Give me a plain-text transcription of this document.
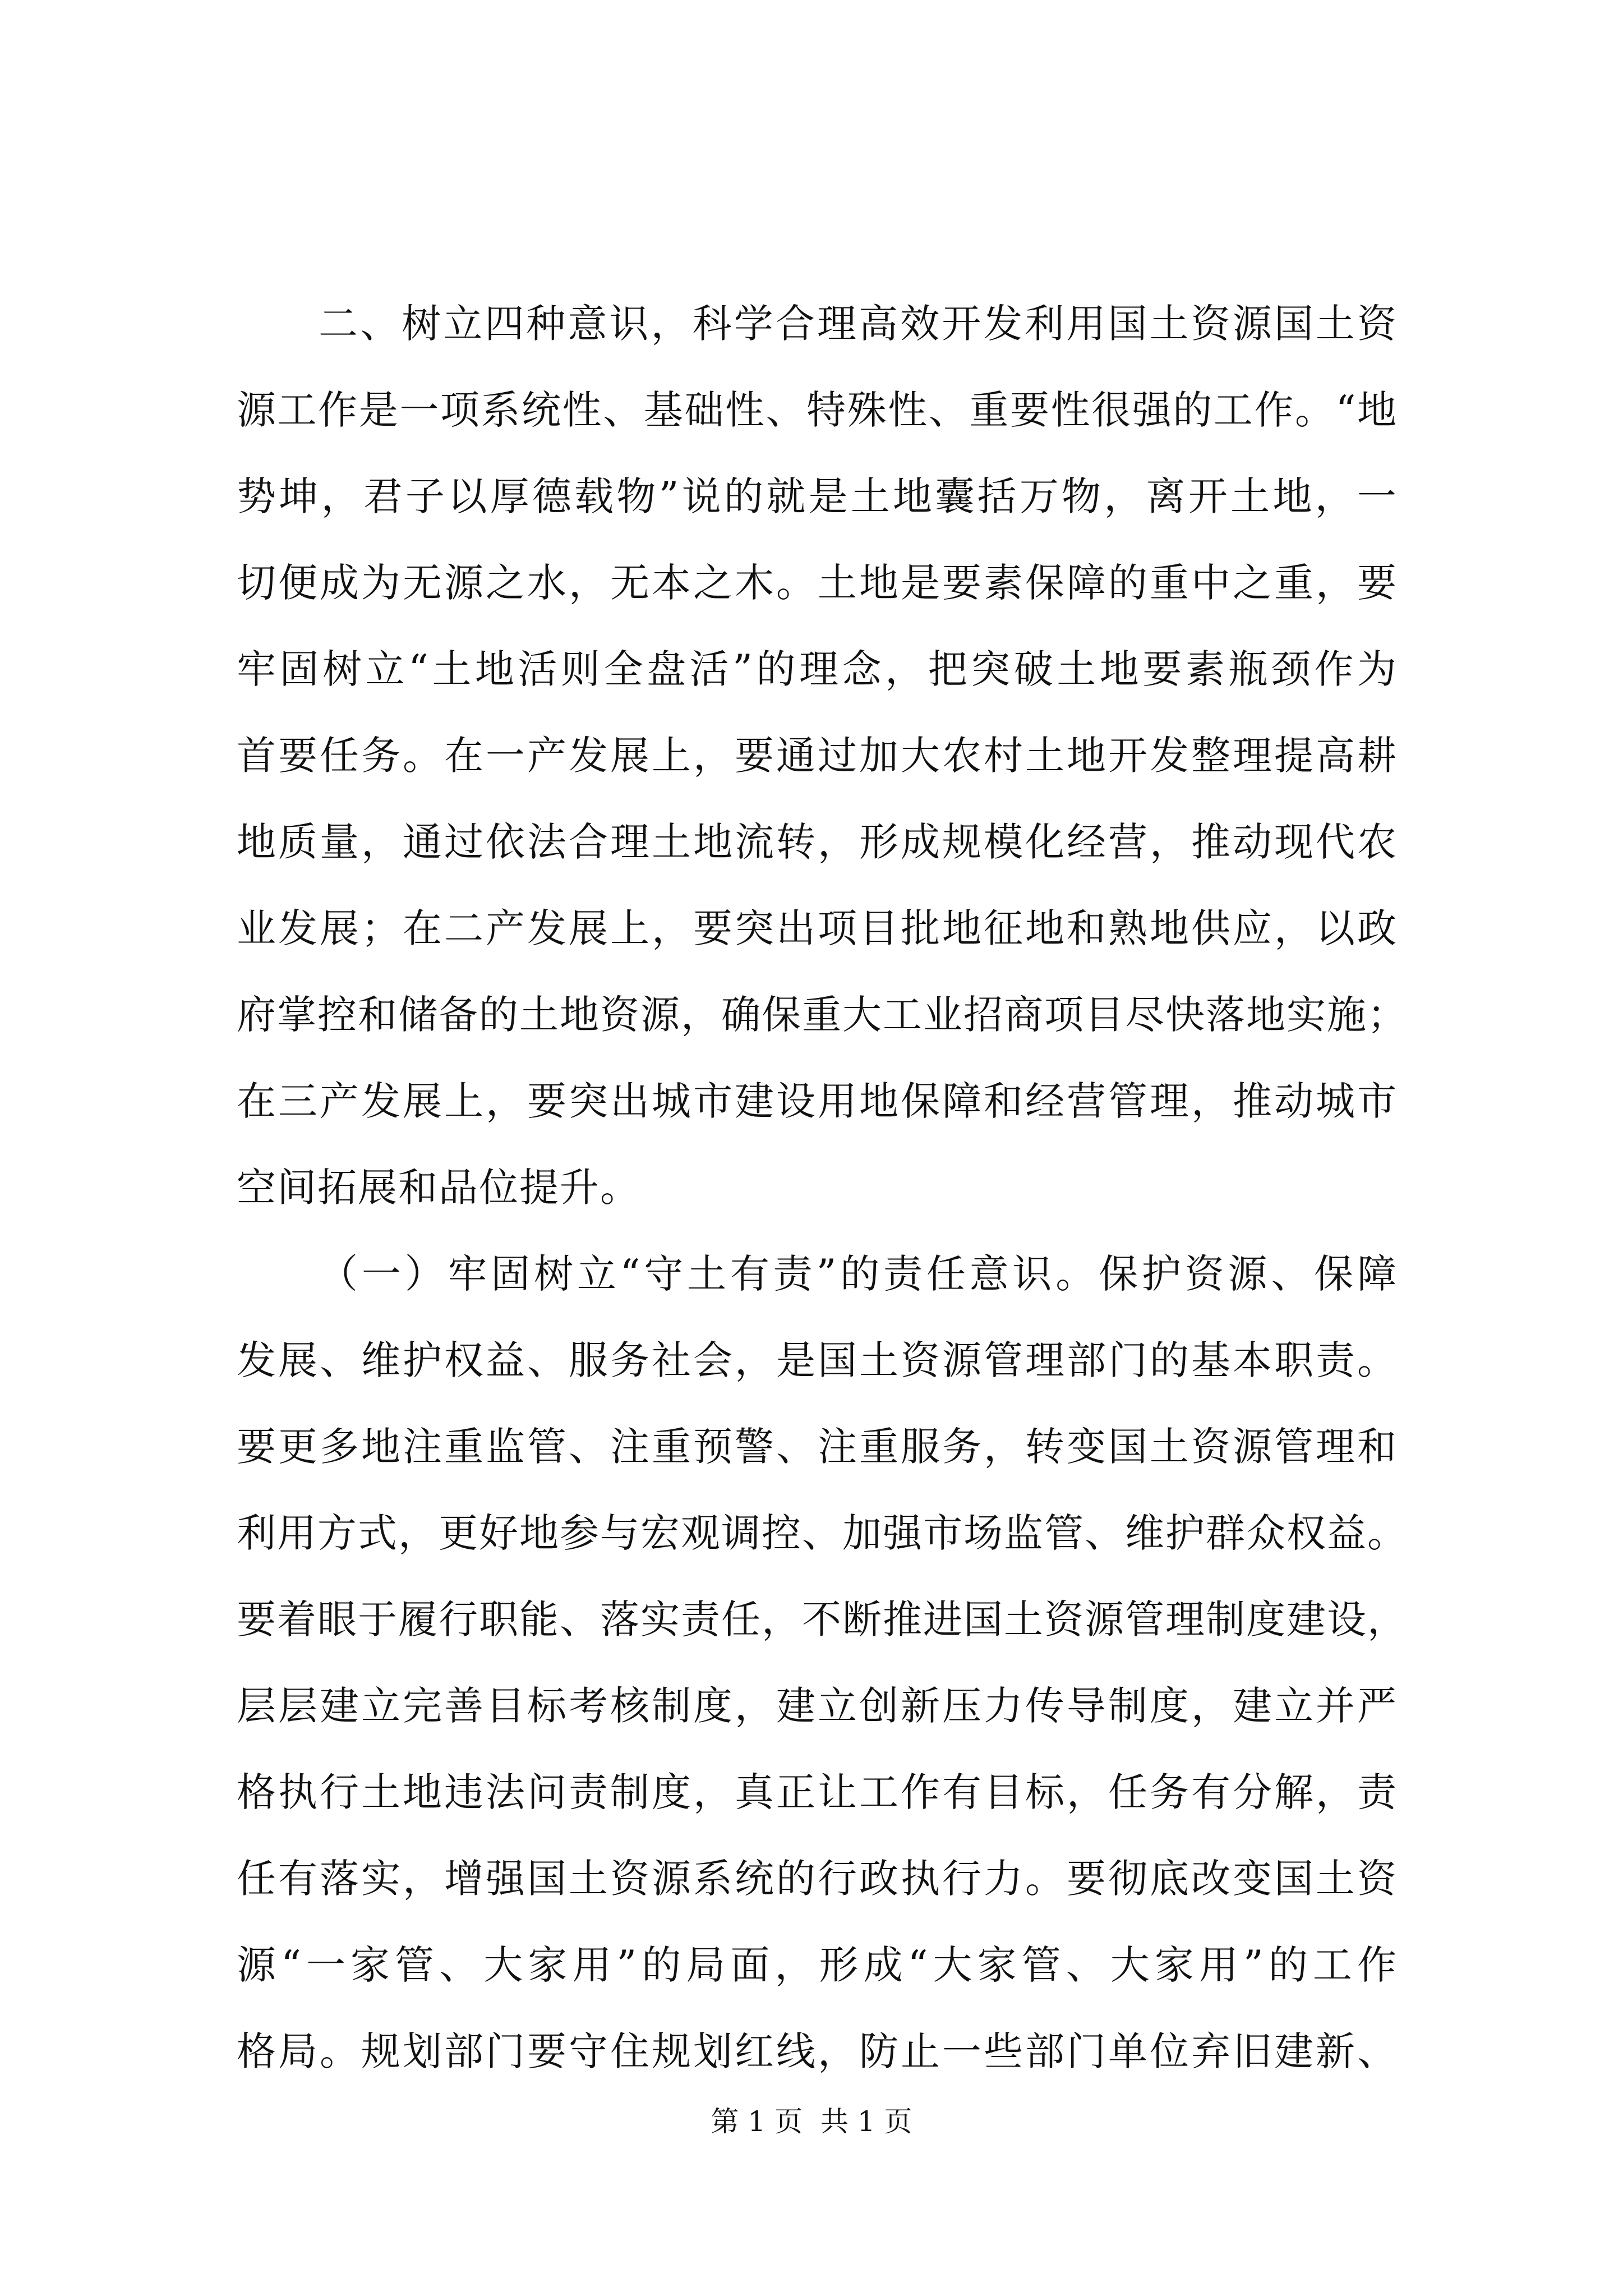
二、树立四种意识，科学合理高效开发利用国土资源国土资
源工作是一项系统性、基础性、特殊性、重要性很强的工作。“地
势坤，君子以厚德载物”说的就是土地囊括万物，离开土地，一
切便成为无源之水，无本之木。土地是要素保障的重中之重，要
牢固树立“土地活则全盘活”的理念，把突破土地要素瓶颈作为
首要任务。在一产发展上，要通过加大农村土地开发整理提高耕
地质量，通过依法合理土地流转，形成规模化经营，推动现代农
业发展；在二产发展上，要突出项目批地征地和熟地供应，以政
府掌控和储备的土地资源，确保重大工业招商项目尽快落地实施；
在三产发展上，要突出城市建设用地保障和经营管理，推动城市
空间拓展和品位提升。
（一）牢固树立“守土有责”的责任意识。保护资源、保障
发展、维护权益、服务社会，是国土资源管理部门的基本职责。
要更多地注重监管、注重预警、注重服务，转变国土资源管理和
利用方式，更好地参与宏观调控、加强市场监管、维护群众权益。
要着眼于履行职能、落实责任，不断推进国土资源管理制度建设，
层层建立完善目标考核制度，建立创新压力传导制度，建立并严
格执行土地违法问责制度，真正让工作有目标，任务有分解，责
任有落实，增强国土资源系统的行政执行力。要彻底改变国土资
源“一家管、大家用”的局面，形成“大家管、大家用”的工作
格局。规划部门要守住规划红线，防止一些部门单位弃旧建新、
第 1 页  共 1 页
